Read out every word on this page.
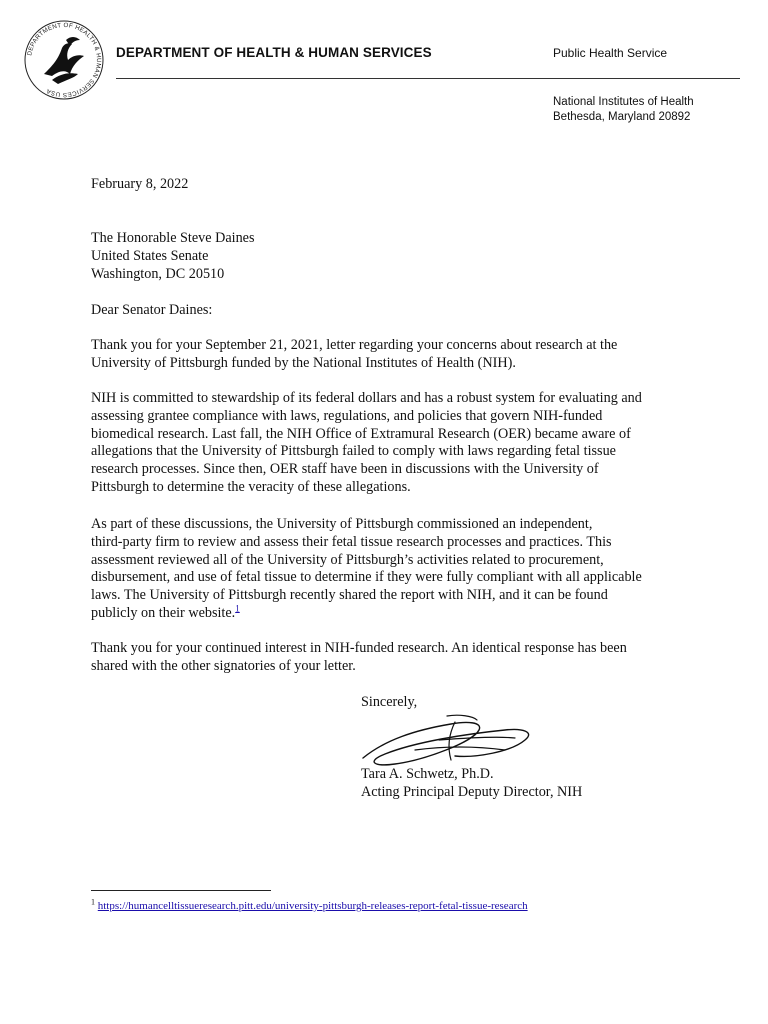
DEPARTMENT OF HEALTH & HUMAN SERVICES USA
DEPARTMENT OF HEALTH & HUMAN SERVICES	Public Health Service
National Institutes of Health
Bethesda, Maryland 20892
February 8, 2022
The Honorable Steve Daines
United States Senate
Washington, DC 20510
Dear Senator Daines:
Thank you for your September 21, 2021, letter regarding your concerns about research at the
University of Pittsburgh funded by the National Institutes of Health (NIH).
NIH is committed to stewardship of its federal dollars and has a robust system for evaluating and
assessing grantee compliance with laws, regulations, and policies that govern NIH-funded
biomedical research. Last fall, the NIH Office of Extramural Research (OER) became aware of
allegations that the University of Pittsburgh failed to comply with laws regarding fetal tissue
research processes. Since then, OER staff have been in discussions with the University of
Pittsburgh to determine the veracity of these allegations.
As part of these discussions, the University of Pittsburgh commissioned an independent,
third-party firm to review and assess their fetal tissue research processes and practices. This
assessment reviewed all of the University of Pittsburgh’s activities related to procurement,
disbursement, and use of fetal tissue to determine if they were fully compliant with all applicable
laws. The University of Pittsburgh recently shared the report with NIH, and it can be found
publicly on their website.$^1$
Thank you for your continued interest in NIH-funded research. An identical response has been
shared with the other signatories of your letter.
Sincerely,
Tara A. Schwetz, Ph.D.
Acting Principal Deputy Director, NIH
$^1$ https://humancelltissueresearch.pitt.edu/university-pittsburgh-releases-report-fetal-tissue-research
